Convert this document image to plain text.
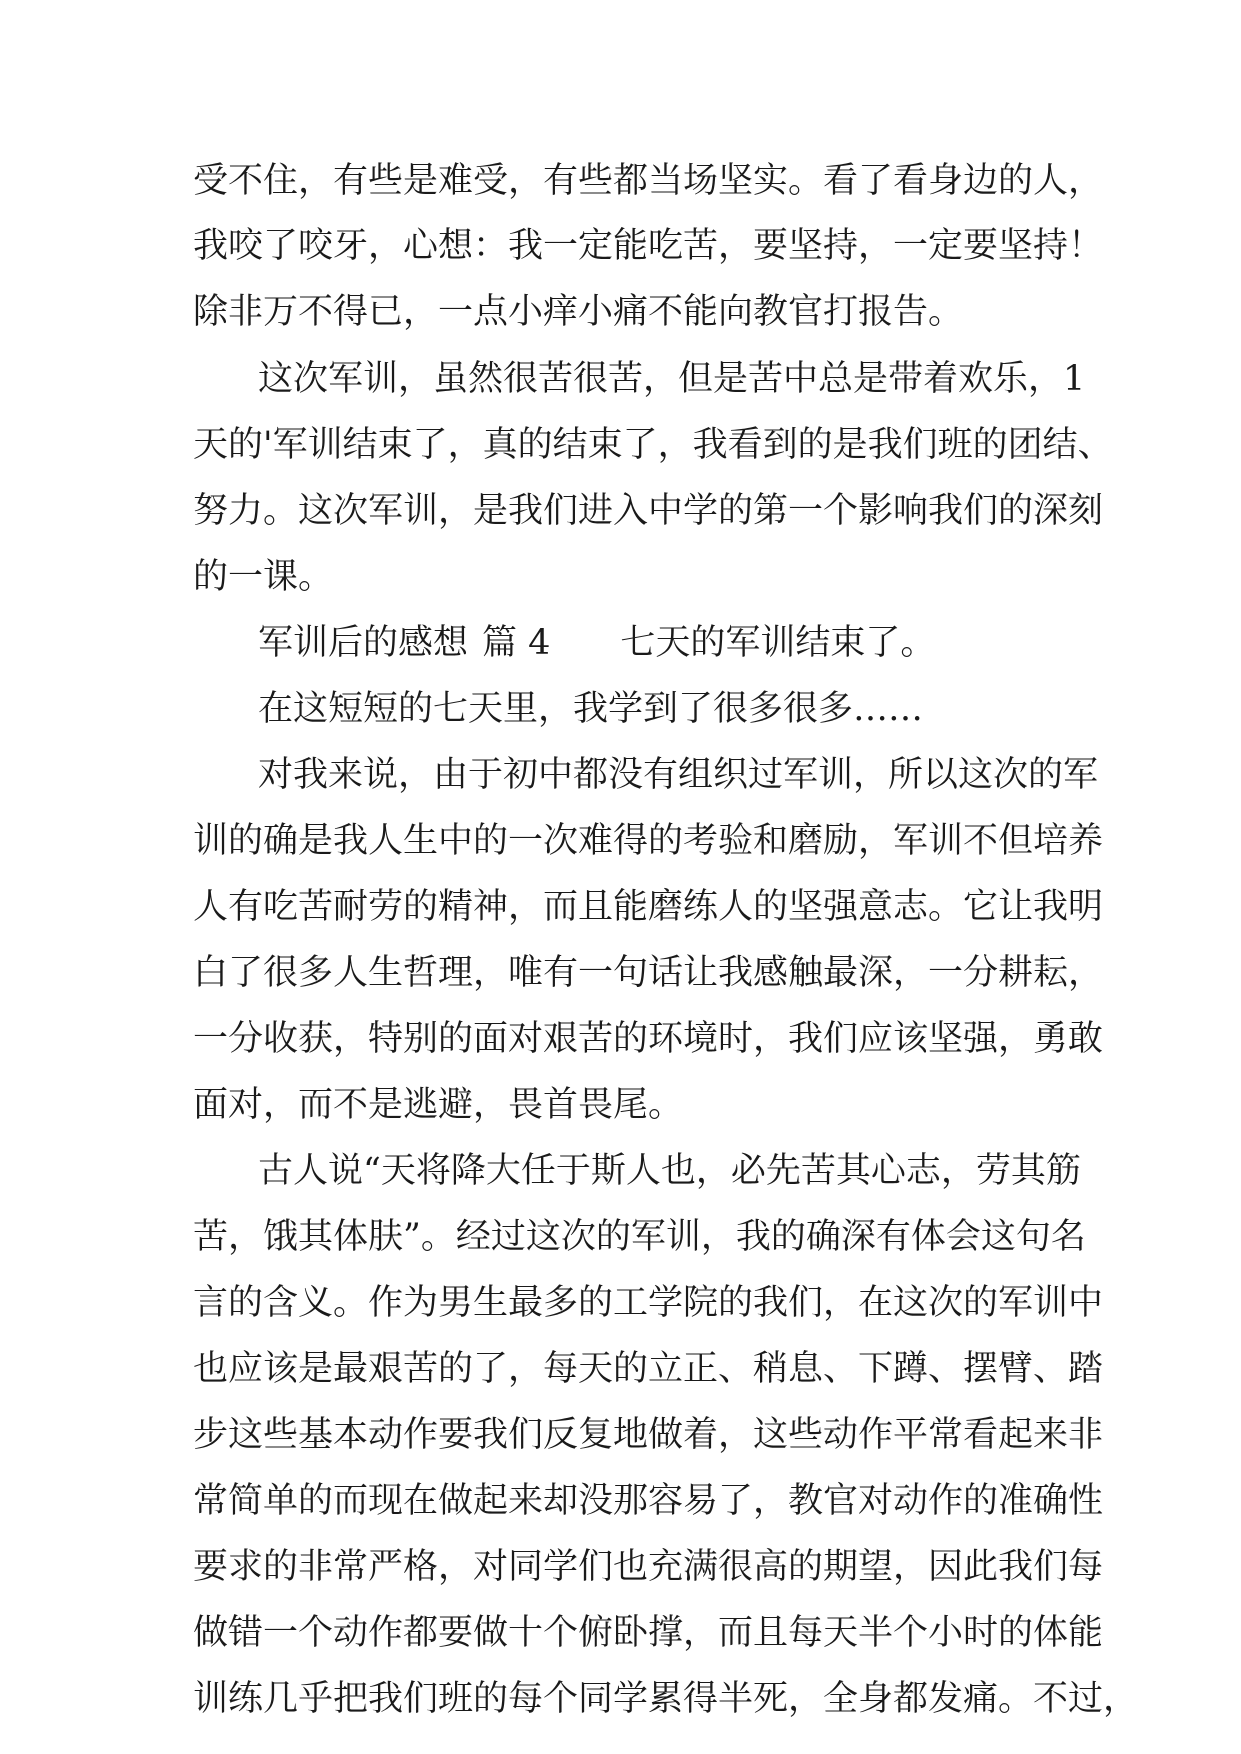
受不住，有些是难受，有些都当场坚实。看了看身边的人，
我咬了咬牙，心想：我一定能吃苦，要坚持，一定要坚持！
除非万不得已，一点小痒小痛不能向教官打报告。
这次军训，虽然很苦很苦，但是苦中总是带着欢乐，1
天的'军训结束了，真的结束了，我看到的是我们班的团结、
努力。这次军训，是我们进入中学的第一个影响我们的深刻
的一课。
军训后的感想 篇 4 七天的军训结束了。
在这短短的七天里，我学到了很多很多……
对我来说，由于初中都没有组织过军训，所以这次的军
训的确是我人生中的一次难得的考验和磨励，军训不但培养
人有吃苦耐劳的精神，而且能磨练人的坚强意志。它让我明
白了很多人生哲理，唯有一句话让我感触最深，一分耕耘，
一分收获，特别的面对艰苦的环境时，我们应该坚强，勇敢
面对，而不是逃避，畏首畏尾。
古人说“天将降大任于斯人也，必先苦其心志，劳其筋
苦，饿其体肤”。经过这次的军训，我的确深有体会这句名
言的含义。作为男生最多的工学院的我们，在这次的军训中
也应该是最艰苦的了，每天的立正、稍息、下蹲、摆臂、踏
步这些基本动作要我们反复地做着，这些动作平常看起来非
常简单的而现在做起来却没那容易了，教官对动作的准确性
要求的非常严格，对同学们也充满很高的期望，因此我们每
做错一个动作都要做十个俯卧撑，而且每天半个小时的体能
训练几乎把我们班的每个同学累得半死，全身都发痛。不过，
